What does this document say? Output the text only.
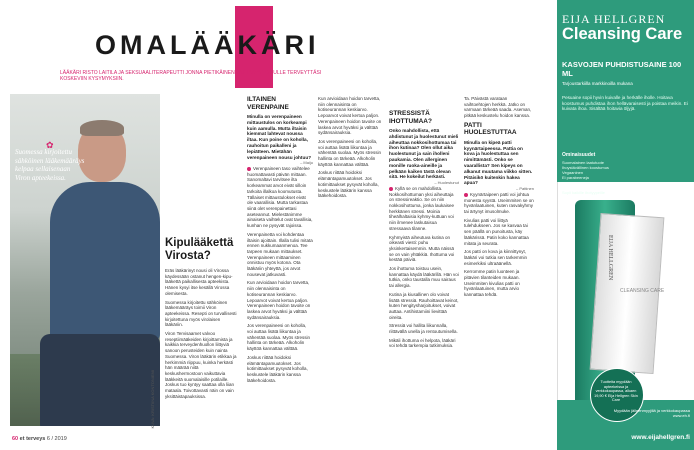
Lähetä lääkärille kysymyksesi: ET-lehti, omalääkäri, PL 100, 00040 Sanoma tai etlehti.fi/kysyntälaatikko
OMALÄÄKÄRI
LÄÄKÄRI RISTO LAITILA JA SEKSUAALITERAPEUTTI JONNA PIETIKÄINEN VASTAAVAT SINULLE TERVEYTTÄSI KOSKEVIIN KYSYMYKSIIN.
✿
Suomessa kirjoitettu sähköinen lääkemääräys kelpaa sellaisenaan Viron apteekeissa.
KUVA: KRISTIINA KONTONIEMI
Kipulääkettä Virosta?

Eräs lääkärinyt nousi oli Virossa käydessään ostanut hengen-kipu-lääkettä paikallisesta apteekista. Hänen kysyi itse kesällä Virossa olemisesta.

Suomessa kirjoitettu sähköinen lääkemääräys toimii Viron apteekeissa. Resepti on turvallisesti kirjoitettuna myös virolaisen lääkäriin.

Viron Tervisaamet valvoo reseptiimääkeiden kirjoittamista ja kaikkia terveydenhuollon liittyviä sanoon perusteiden kuin nainta Suomessa. Viron lääkärin etikkaa ja herkimmiä riippuu, kuinka herkästi hän määrää niitä keskushermostoon vaikuttavia lääkkeitä suomalaisille potilaille. Joskus tuo kyntyy saattaa olla liian mataala. Toivottavasti näin on vain yksittäistapauksissa.

ILTAINEN VERENPAINE
Minulla on verenpaineen mittaustulos on korkeampi kuin aamulla. Mutta iltaisin kiemmat lahtevat noussa iltaa. Kun poine on koholla, rauhoitun paikalleni ja lepiätteen. Mietähän verenpaineen nousu johtuu?
– Maiju

Verenpaineen taso vaihtelee huomattavasti päivän mittaan. Sanomaltavi tarvitsee ilta korkeammat arvot eivät silloin tarkoita illalkoa koomutusta. Tällaiset mittaustulokset eivät ole vaarallisia. Mutta tarkastaa siinä olet verenpainettasi aseteannut. Mielestänimme ainaiseta vaihtelut ovat tavallisia, kunhan ne pysyvät rajoissa.

Verenpainetta voi kohdentaa iltaisin ajoittain. Illalla tulisi mitata ennen nukkumaanmenoa. Tee tarpeen mukaan mittaukset. Verenpaineen mittaaminen onnistuu myös kotona. Ota lääkäriin yhteyttä, jos arvot nousevat jatkuvasti.

Kun arvioidaan hoidon tarvetta, niin olennaisinta on kotiseurannan keskiarvo. Lepoarvot voivat kertoa paljon. Verenpaineen hoidon tavoite on laskea arvot hyväksi ja välttää sydänsairauksia.

Jos verenpaineesi on koholla, voi auttaa lisätä liikuntaa ja vähentää suolaa. Myös stressin hallinta on tärkeää. Alkoholin käyttöä kannattaa välttää.

Joskus riittää hoidoksi elämäntapamuutokset. Jos kotimittaukset pysyvät koholla, keskustele lääkärin kanssa lääkehoidosta.

Kun arvioidaan hoidon tarvetta, niin olennaisinta on kotiseurannan keskiarvo. Lepoarvot voivat kertoa paljon. Verenpaineen hoidon tavoite on laskea arvot hyväksi ja välttää sydänsairauksia.

Jos verenpaineesi on koholla, voi auttaa lisätä liikuntaa ja vähentää suolaa. Myös stressin hallinta on tärkeää. Alkoholin käyttöä kannattaa välttää.

Joskus riittää hoidoksi elämäntapamuutokset. Jos kotimittaukset pysyvät koholla, keskustele lääkärin kanssa lääkehoidosta.

STRESSISTÄ IHOTTUMAA?
Onko mahdollista, että ahdistunut ja huolestunut mieli aiheuttaa nokkosihottumaa tai ihon kutinaa? Olen ollut aika huolestunut ja sain iholleni paukamia. Olen allerginen monille ruoka-aineille ja pelkään kaiken tästä olevan sitä. He kokeilut herkästi.
– Huolestunut

Kyllä se on mahdollista. Nokkosihottuman yksi aiheuttaja on stressireaktio. Se on niin nokkosihottuma, jonka laukaisee herkkänen stressi. Moinia tiheälhaltaisia kyhmy-kuttuan voi niin ilmenee laskutaisua stressaava tilanne.

Kyhmyistä aiheutuva kutina on oikeasti viesti: puhu yksinkertaisemmin. Mutta näissä se on vain yhtäkkiä. Ihottuma voi kestää päiviä.

Jos ihottuma toistuu usein, kannattaa käydä lääkärillä. Hän voi tutkia, onko taustalla muu sairaus tai allergia.

Kutina ja kiusallinen olo voivat lisätä stressiä. Rauhoittavat keinot, kuten hengitysharjoitukset, voivat auttaa. Antihistamiini lievittää oireita.

Stressiä voi hallita liikunnalla, riittävällä unella ja rentoutumisella.

Mikäli ihottuma ei helpota, lääkäri voi tehdä tarkempia tutkimuksia.

Ta. Päivästä varataan vaihtoehtojen herkkä. Jatko on varmaan tärkeää saada. Aseman, pitkää keskustelu hoidon kanssa.

PATTI HUOLESTUTTAA
Minulla on kipeä patti kyynärtaipeessa. Pattia on kova ja huolestuttaa sen nimittämästi. Onko se vaarallista? Sen kipeys on alkanut muutama viikko sitten. Pitäisikö kuitenkin hakea apua?
– Pattinen

Kyynärtaipeen patti voi johtua monesta syystä. Useimmiten se on hyvänlaatuinen, kuten rasvakyhmy tai ärtynyt imusolmuke.

Kivulias patti voi liittyä tulehdukseen. Jos se kasvaa tai sen päällä on punoitusta, käy lääkärissä. Patin koko kannattaa mitata ja seurata.

Jos patti on kova ja kiinnittynyt, lääkäri voi tutkia sen tarkemmin esimerkiksi ultraäänellä.

Kerromme patin luonteen ja pitävien tilanteiden mukaan. Useimmiten kivulias patti on hyvänlaatuinen, mutta arvio kannattaa tehdä.

60 et terveys 6 / 2019
EIJA HELLGREN
Cleansing Care
KASVOJEN PUHDISTUSAINE 100 ML
Tarjoustarkiilla markkinoilla mukana
Pesuaine sopii hyvin kuivalle ja herkälle iholle. Hoitava koostumus puhdistaa ihon hellävaraisesti ja poistaa meikin. Ei kuivata ihoa. Sisältää hoitavia öljyjä.
Ominaisuudet
Suomalainen laatutuote
Ihoystävällinen koostumus
Vegaaninen
Ei parabeeneja
Sopii päivittäiseen käyttöön
Sopii kaikille ihotyypeille
EIJA HELLGREN
CLEANSING CARE
Tuotteita myydään apteekeissa ja verkkokaupassa, alkaen 19,90 € Eija Hellgren Skin Care
Myydään jälleenmyyjillä ja verkkokaupassa www.eh.fi
www.eijahellgren.fi
